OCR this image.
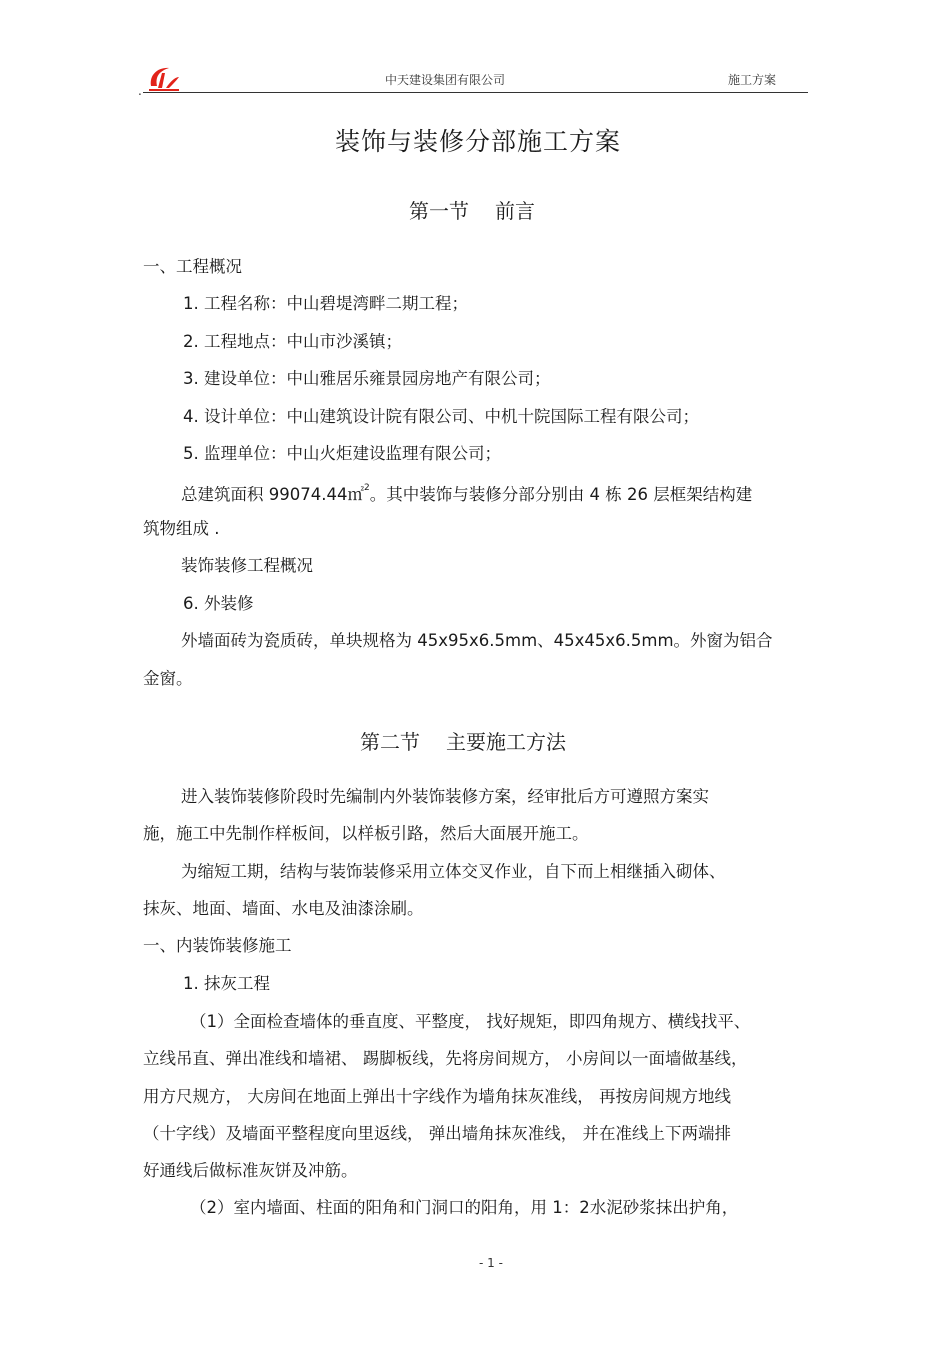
.
中天建设集团有限公司	施工方案
装饰与装修分部施工方案
第一节 前言
一、工程概况
1. 工程名称：中山碧堤湾畔二期工程；
2. 工程地点：中山市沙溪镇；
3. 建设单位：中山雅居乐雍景园房地产有限公司；
4. 设计单位：中山建筑设计院有限公司、中机十院国际工程有限公司；
5. 监理单位：中山火炬建设监理有限公司；
总建筑面积 99074.44㎡$^2$。其中装饰与装修分部分别由 4 栋 26 层框架结构建
筑物组成 .
装饰装修工程概况
6. 外装修
外墙面砖为瓷质砖，单块规格为 45x95x6.5mm、45x45x6.5mm。外窗为铝合
金窗。
第二节 主要施工方法
进入装饰装修阶段时先编制内外装饰装修方案，经审批后方可遵照方案实
施，施工中先制作样板间，以样板引路，然后大面展开施工。
为缩短工期，结构与装饰装修采用立体交叉作业，自下而上相继插入砌体、
抹灰、地面、墙面、水电及油漆涂刷。
一、内装饰装修施工
1. 抹灰工程
（1）全面检查墙体的垂直度、平整度， 找好规矩，即四角规方、横线找平、
立线吊直、弹出准线和墙裙、 踢脚板线，先将房间规方， 小房间以一面墙做基线，
用方尺规方， 大房间在地面上弹出十字线作为墙角抹灰准线， 再按房间规方地线
（十字线）及墙面平整程度向里返线， 弹出墙角抹灰准线， 并在准线上下两端排
好通线后做标准灰饼及冲筋。
（2）室内墙面、柱面的阳角和门洞口的阳角，用 1：2水泥砂浆抹出护角，
- 1 -
